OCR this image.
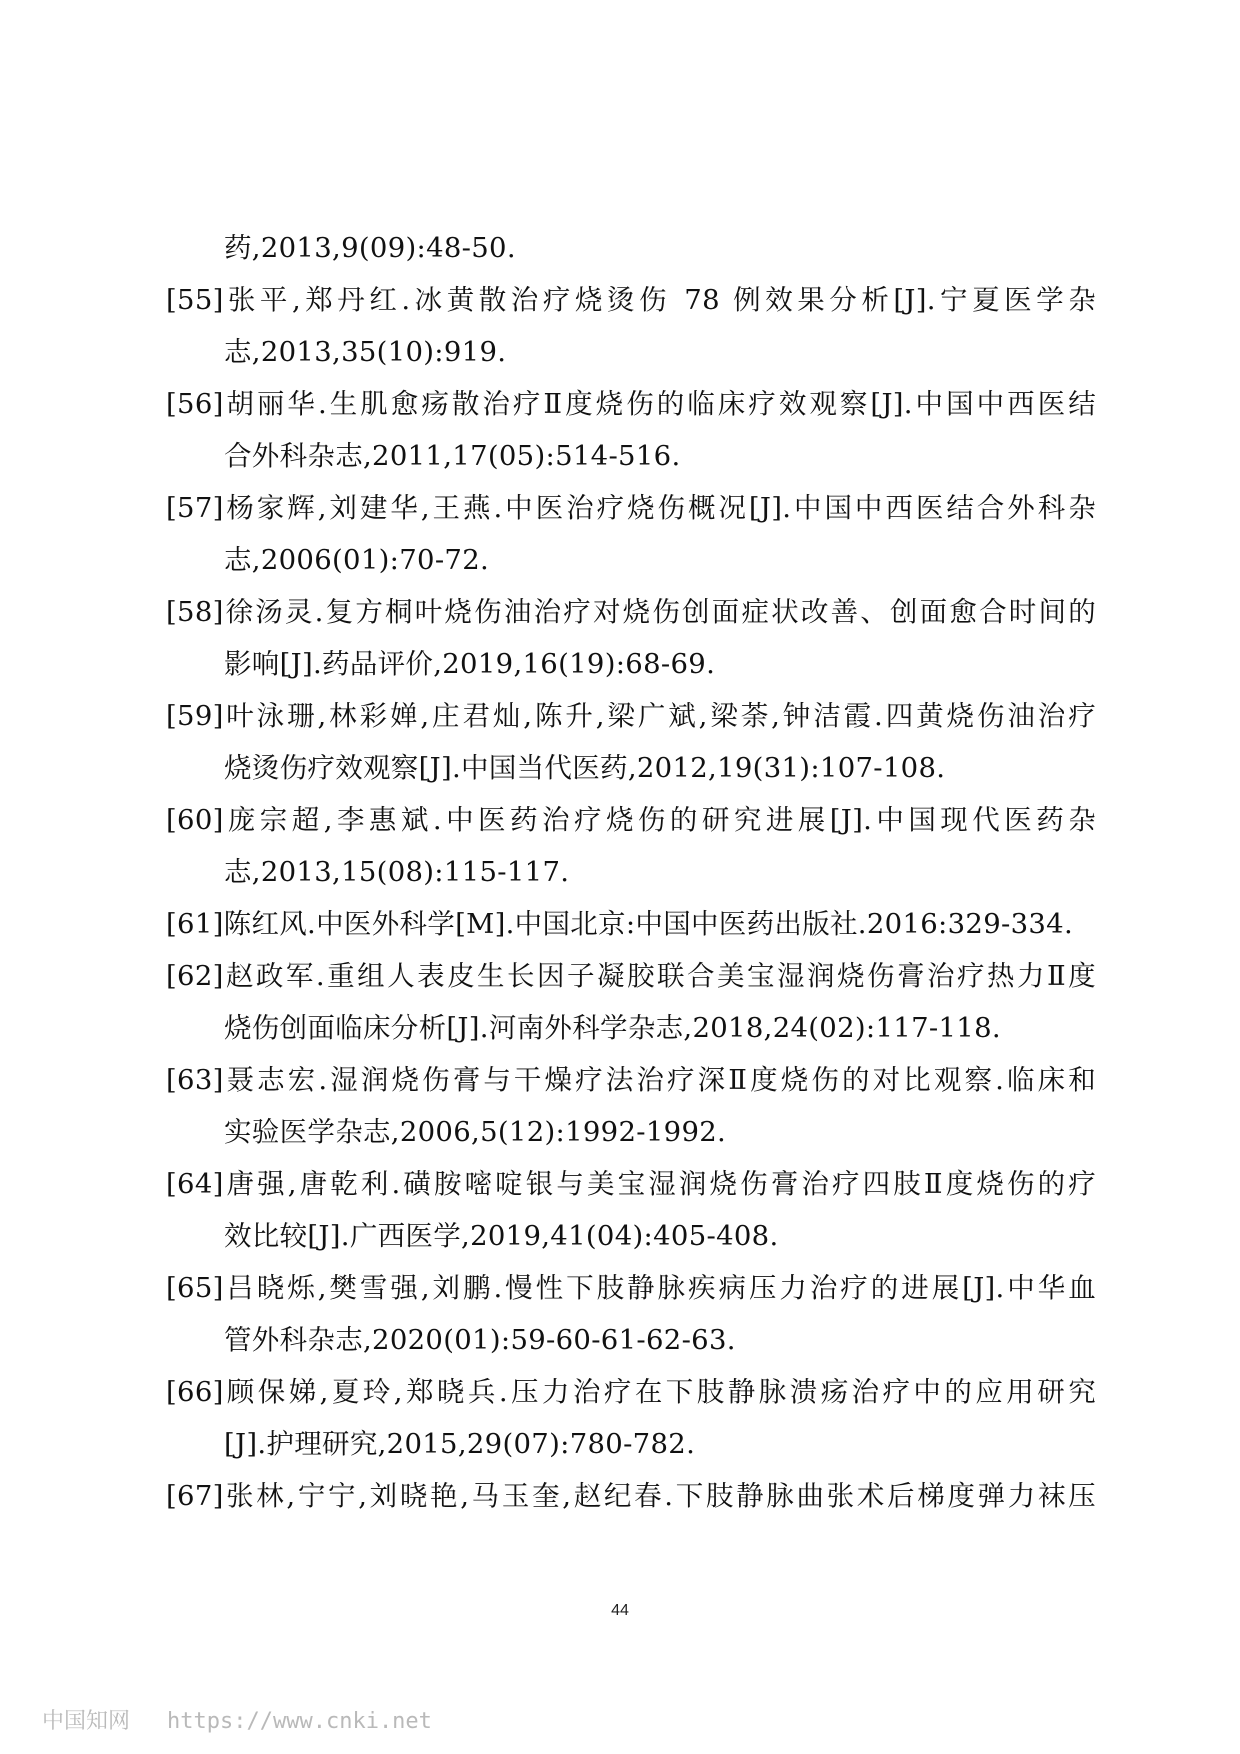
药,2013,9(09):48-50.
[55]张平,郑丹红.冰黄散治疗烧烫伤 78 例效果分析[J].宁夏医学杂
志,2013,35(10):919.
[56]胡丽华.生肌愈疡散治疗Ⅱ度烧伤的临床疗效观察[J].中国中西医结
合外科杂志,2011,17(05):514-516.
[57]杨家辉,刘建华,王燕.中医治疗烧伤概况[J].中国中西医结合外科杂
志,2006(01):70-72.
[58]徐汤灵.复方桐叶烧伤油治疗对烧伤创面症状改善、创面愈合时间的
影响[J].药品评价,2019,16(19):68-69.
[59]叶泳珊,林彩婵,庄君灿,陈升,梁广斌,梁荼,钟洁霞.四黄烧伤油治疗
烧烫伤疗效观察[J].中国当代医药,2012,19(31):107-108.
[60]庞宗超,李惠斌.中医药治疗烧伤的研究进展[J].中国现代医药杂
志,2013,15(08):115-117.
[61]陈红风.中医外科学[M].中国北京:中国中医药出版社.2016:329-334.
[62]赵政军.重组人表皮生长因子凝胶联合美宝湿润烧伤膏治疗热力Ⅱ度
烧伤创面临床分析[J].河南外科学杂志,2018,24(02):117-118.
[63]聂志宏.湿润烧伤膏与干燥疗法治疗深Ⅱ度烧伤的对比观察.临床和
实验医学杂志,2006,5(12):1992-1992.
[64]唐强,唐乾利.磺胺嘧啶银与美宝湿润烧伤膏治疗四肢Ⅱ度烧伤的疗
效比较[J].广西医学,2019,41(04):405-408.
[65]吕晓烁,樊雪强,刘鹏.慢性下肢静脉疾病压力治疗的进展[J].中华血
管外科杂志,2020(01):59-60-61-62-63.
[66]顾保娣,夏玲,郑晓兵.压力治疗在下肢静脉溃疡治疗中的应用研究
[J].护理研究,2015,29(07):780-782.
[67]张林,宁宁,刘晓艳,马玉奎,赵纪春.下肢静脉曲张术后梯度弹力袜压
44
中国知网 https://www.cnki.net
